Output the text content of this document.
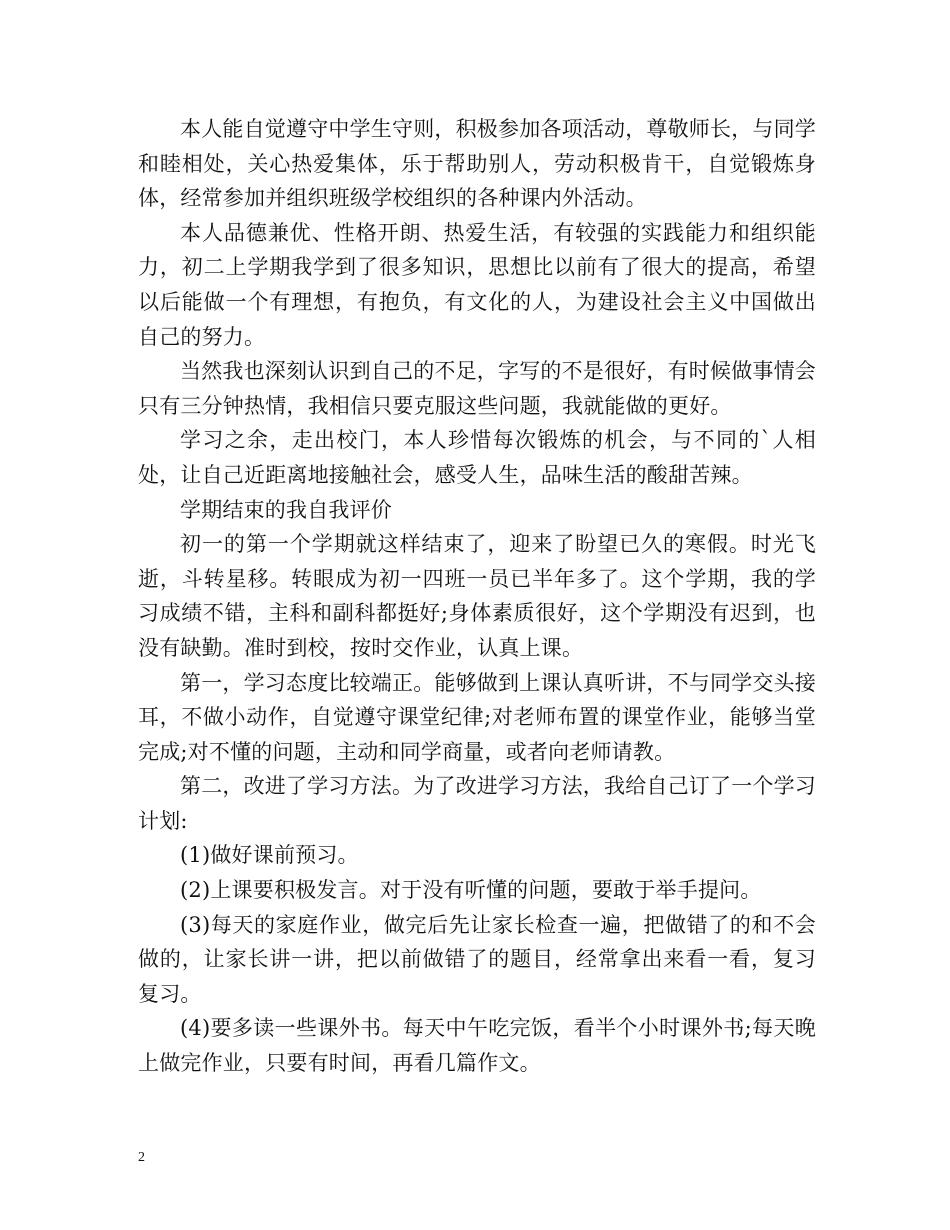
本人能自觉遵守中学生守则，积极参加各项活动，尊敬师长，与同学和睦相处，关心热爱集体，乐于帮助别人，劳动积极肯干，自觉锻炼身体，经常参加并组织班级学校组织的各种课内外活动。

本人品德兼优、性格开朗、热爱生活，有较强的实践能力和组织能力，初二上学期我学到了很多知识，思想比以前有了很大的提高，希望以后能做一个有理想，有抱负，有文化的人，为建设社会主义中国做出自己的努力。

当然我也深刻认识到自己的不足，字写的不是很好，有时候做事情会只有三分钟热情，我相信只要克服这些问题，我就能做的更好。

学习之余，走出校门，本人珍惜每次锻炼的机会，与不同的`人相处，让自己近距离地接触社会，感受人生，品味生活的酸甜苦辣。

学期结束的我自我评价

初一的第一个学期就这样结束了，迎来了盼望已久的寒假。时光飞逝，斗转星移。转眼成为初一四班一员已半年多了。这个学期，我的学习成绩不错，主科和副科都挺好;身体素质很好，这个学期没有迟到，也没有缺勤。准时到校，按时交作业，认真上课。

第一，学习态度比较端正。能够做到上课认真听讲，不与同学交头接耳，不做小动作，自觉遵守课堂纪律;对老师布置的课堂作业，能够当堂完成;对不懂的问题，主动和同学商量，或者向老师请教。

第二，改进了学习方法。为了改进学习方法，我给自己订了一个学习计划:

(1)做好课前预习。

(2)上课要积极发言。对于没有听懂的问题，要敢于举手提问。

(3)每天的家庭作业，做完后先让家长检查一遍，把做错了的和不会做的，让家长讲一讲，把以前做错了的题目，经常拿出来看一看，复习复习。

(4)要多读一些课外书。每天中午吃完饭，看半个小时课外书;每天晚上做完作业，只要有时间，再看几篇作文。

2
